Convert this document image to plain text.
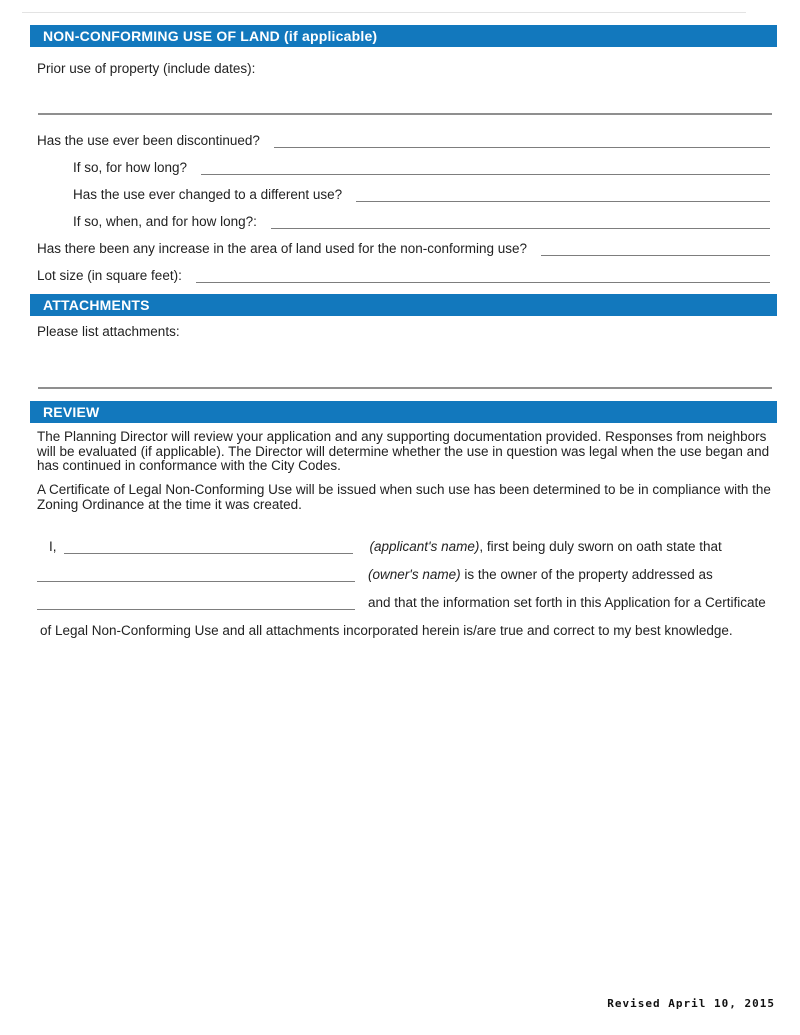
NON-CONFORMING USE OF LAND (if applicable)
Prior use of property (include dates):
Has the use ever been discontinued?
If so, for how long?
Has the use ever changed to a different use?
If so, when, and for how long?:
Has there been any increase in the area of land used for the non-conforming use?
Lot size (in square feet):
ATTACHMENTS
Please list attachments:
REVIEW
The Planning Director will review your application and any supporting documentation provided. Responses from neighbors
will be evaluated (if applicable). The Director will determine whether the use in question was legal when the use began and
has continued in conformance with the City Codes.
A Certificate of Legal Non-Conforming Use will be issued when such use has been determined to be in compliance with the
Zoning Ordinance at the time it was created.
I,	(applicant's name), first being duly sworn on oath state that
(owner's name) is the owner of the property addressed as
and that the information set forth in this Application for a Certificate
of Legal Non-Conforming Use and all attachments incorporated herein is/are true and correct to my best knowledge.
Revised April 10, 2015
